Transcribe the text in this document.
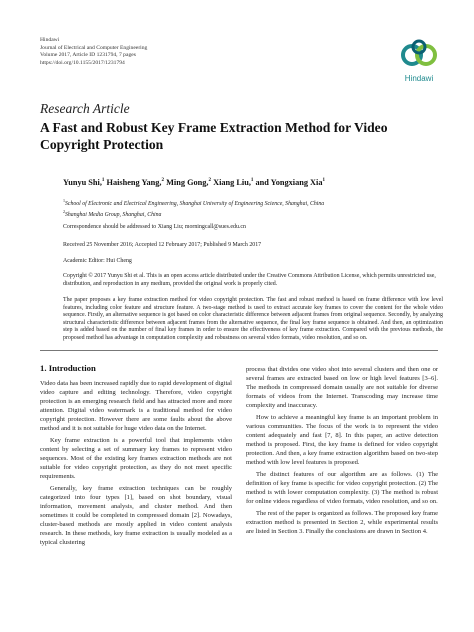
Hindawi
Journal of Electrical and Computer Engineering
Volume 2017, Article ID 1231794, 7 pages
https://doi.org/10.1155/2017/1231794
Hindawi
Research Article
A Fast and Robust Key Frame Extraction Method for Video Copyright Protection
Yunyu Shi,$^1$ Haisheng Yang,$^2$ Ming Gong,$^2$ Xiang Liu,$^1$ and Yongxiang Xia$^1$
$^1$School of Electronic and Electrical Engineering, Shanghai University of Engineering Science, Shanghai, China
$^2$Shanghai Media Group, Shanghai, China
Correspondence should be addressed to Xiang Liu; morningcall@sues.edu.cn
Received 25 November 2016; Accepted 12 February 2017; Published 9 March 2017
Academic Editor: Hui Cheng
Copyright © 2017 Yunyu Shi et al. This is an open access article distributed under the Creative Commons Attribution License, which permits unrestricted use, distribution, and reproduction in any medium, provided the original work is properly cited.
The paper proposes a key frame extraction method for video copyright protection. The fast and robust method is based on frame difference with low level features, including color feature and structure feature. A two-stage method is used to extract accurate key frames to cover the content for the whole video sequence. Firstly, an alternative sequence is got based on color characteristic difference between adjacent frames from original sequence. Secondly, by analyzing structural characteristic difference between adjacent frames from the alternative sequence, the final key frame sequence is obtained. And then, an optimization step is added based on the number of final key frames in order to ensure the effectiveness of key frame extraction. Compared with the previous methods, the proposed method has advantage in computation complexity and robustness on several video formats, video resolution, and so on.
1. Introduction

Video data has been increased rapidly due to rapid development of digital video capture and editing technology. Therefore, video copyright protection is an emerging research field and has attracted more and more attention. Digital video watermark is a traditional method for video copyright protection. However there are some faults about the above method and it is not suitable for huge video data on the Internet.

Key frame extraction is a powerful tool that implements video content by selecting a set of summary key frames to represent video sequences. Most of the existing key frames extraction methods are not suitable for video copyright protection, as they do not meet specific requirements.

Generally, key frame extraction techniques can be roughly categorized into four types [1], based on shot boundary, visual information, movement analysis, and cluster method. And then sometimes it could be completed in compressed domain [2]. Nowadays, cluster-based methods are mostly applied in video content analysis research. In these methods, key frame extraction is usually modeled as a typical clustering

process that divides one video shot into several clusters and then one or several frames are extracted based on low or high level features [3–6]. The methods in compressed domain usually are not suitable for diverse formats of videos from the Internet. Transcoding may increase time complexity and inaccuracy.

How to achieve a meaningful key frame is an important problem in various communities. The focus of the work is to represent the video content adequately and fast [7, 8]. In this paper, an active detection method is proposed. First, the key frame is defined for video copyright protection. And then, a key frame extraction algorithm based on two-step method with low level features is proposed.

The distinct features of our algorithm are as follows. (1) The definition of key frame is specific for video copyright protection. (2) The method is with lower computation complexity. (3) The method is robust for online videos regardless of video formats, video resolution, and so on.

The rest of the paper is organized as follows. The proposed key frame extraction method is presented in Section 2, while experimental results are listed in Section 3. Finally the conclusions are drawn in Section 4.
